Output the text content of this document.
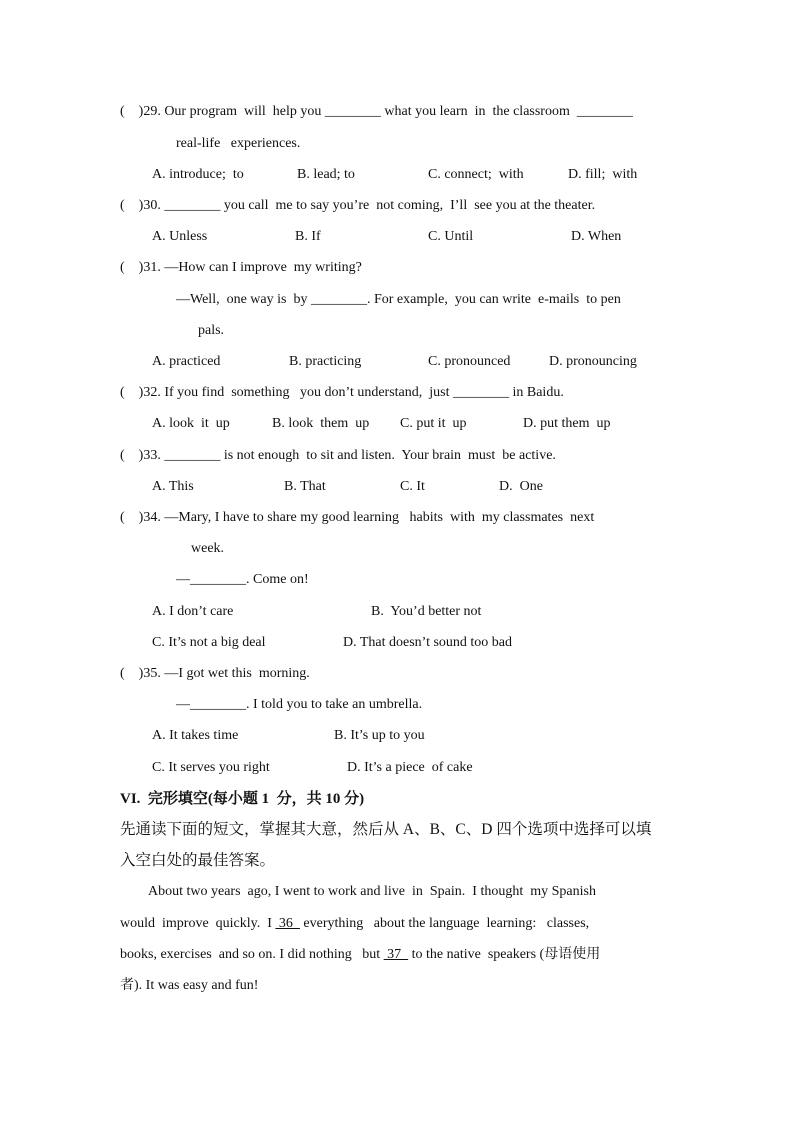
(    )29. Our program  will  help you ________ what you learn  in  the classroom  ________
real-life   experiences.
A. introduce;  to	B. lead; to	C. connect;  with	D. fill;  with
(    )30. ________ you call  me to say you’re  not coming,  I’ll  see you at the theater.
A. Unless	B. If	C. Until	D. When
(    )31. —How can I improve  my writing?
—Well,  one way is  by ________. For example,  you can write  e-mails  to pen
pals.
A. practiced	B. practicing	C. pronounced	D. pronouncing
(    )32. If you find  something   you don’t understand,  just ________ in Baidu.
A. look  it  up	B. look  them  up C. put it  up	D. put them  up
(    )33. ________ is not enough  to sit and listen.  Your brain  must  be active.
A. This	B. That	C. It	D.  One
(    )34. —Mary, I have to share my good learning   habits  with  my classmates  next
week.
—________. Come on!
A. I don’t care	B.  You’d better not
C. It’s not a big deal	D. That doesn’t sound too bad
(    )35. —I got wet this  morning.
—________. I told you to take an umbrella.
A. It takes time	B. It’s up to you
C. It serves you right	D. It’s a piece  of cake
VI.  完形填空(每小题 1  分，共 10 分)
先通读下面的短文，掌握其大意，然后从 A、B、C、D 四个选项中选择可以填
入空白处的最佳答案。
About two years  ago, I went to work and live  in  Spain.  I thought  my Spanish
would  improve  quickly.  I  36   everything   about the language  learning:   classes,
books, exercises  and so on. I did nothing   but  37   to the native  speakers (母语使用
者). It was easy and fun!
